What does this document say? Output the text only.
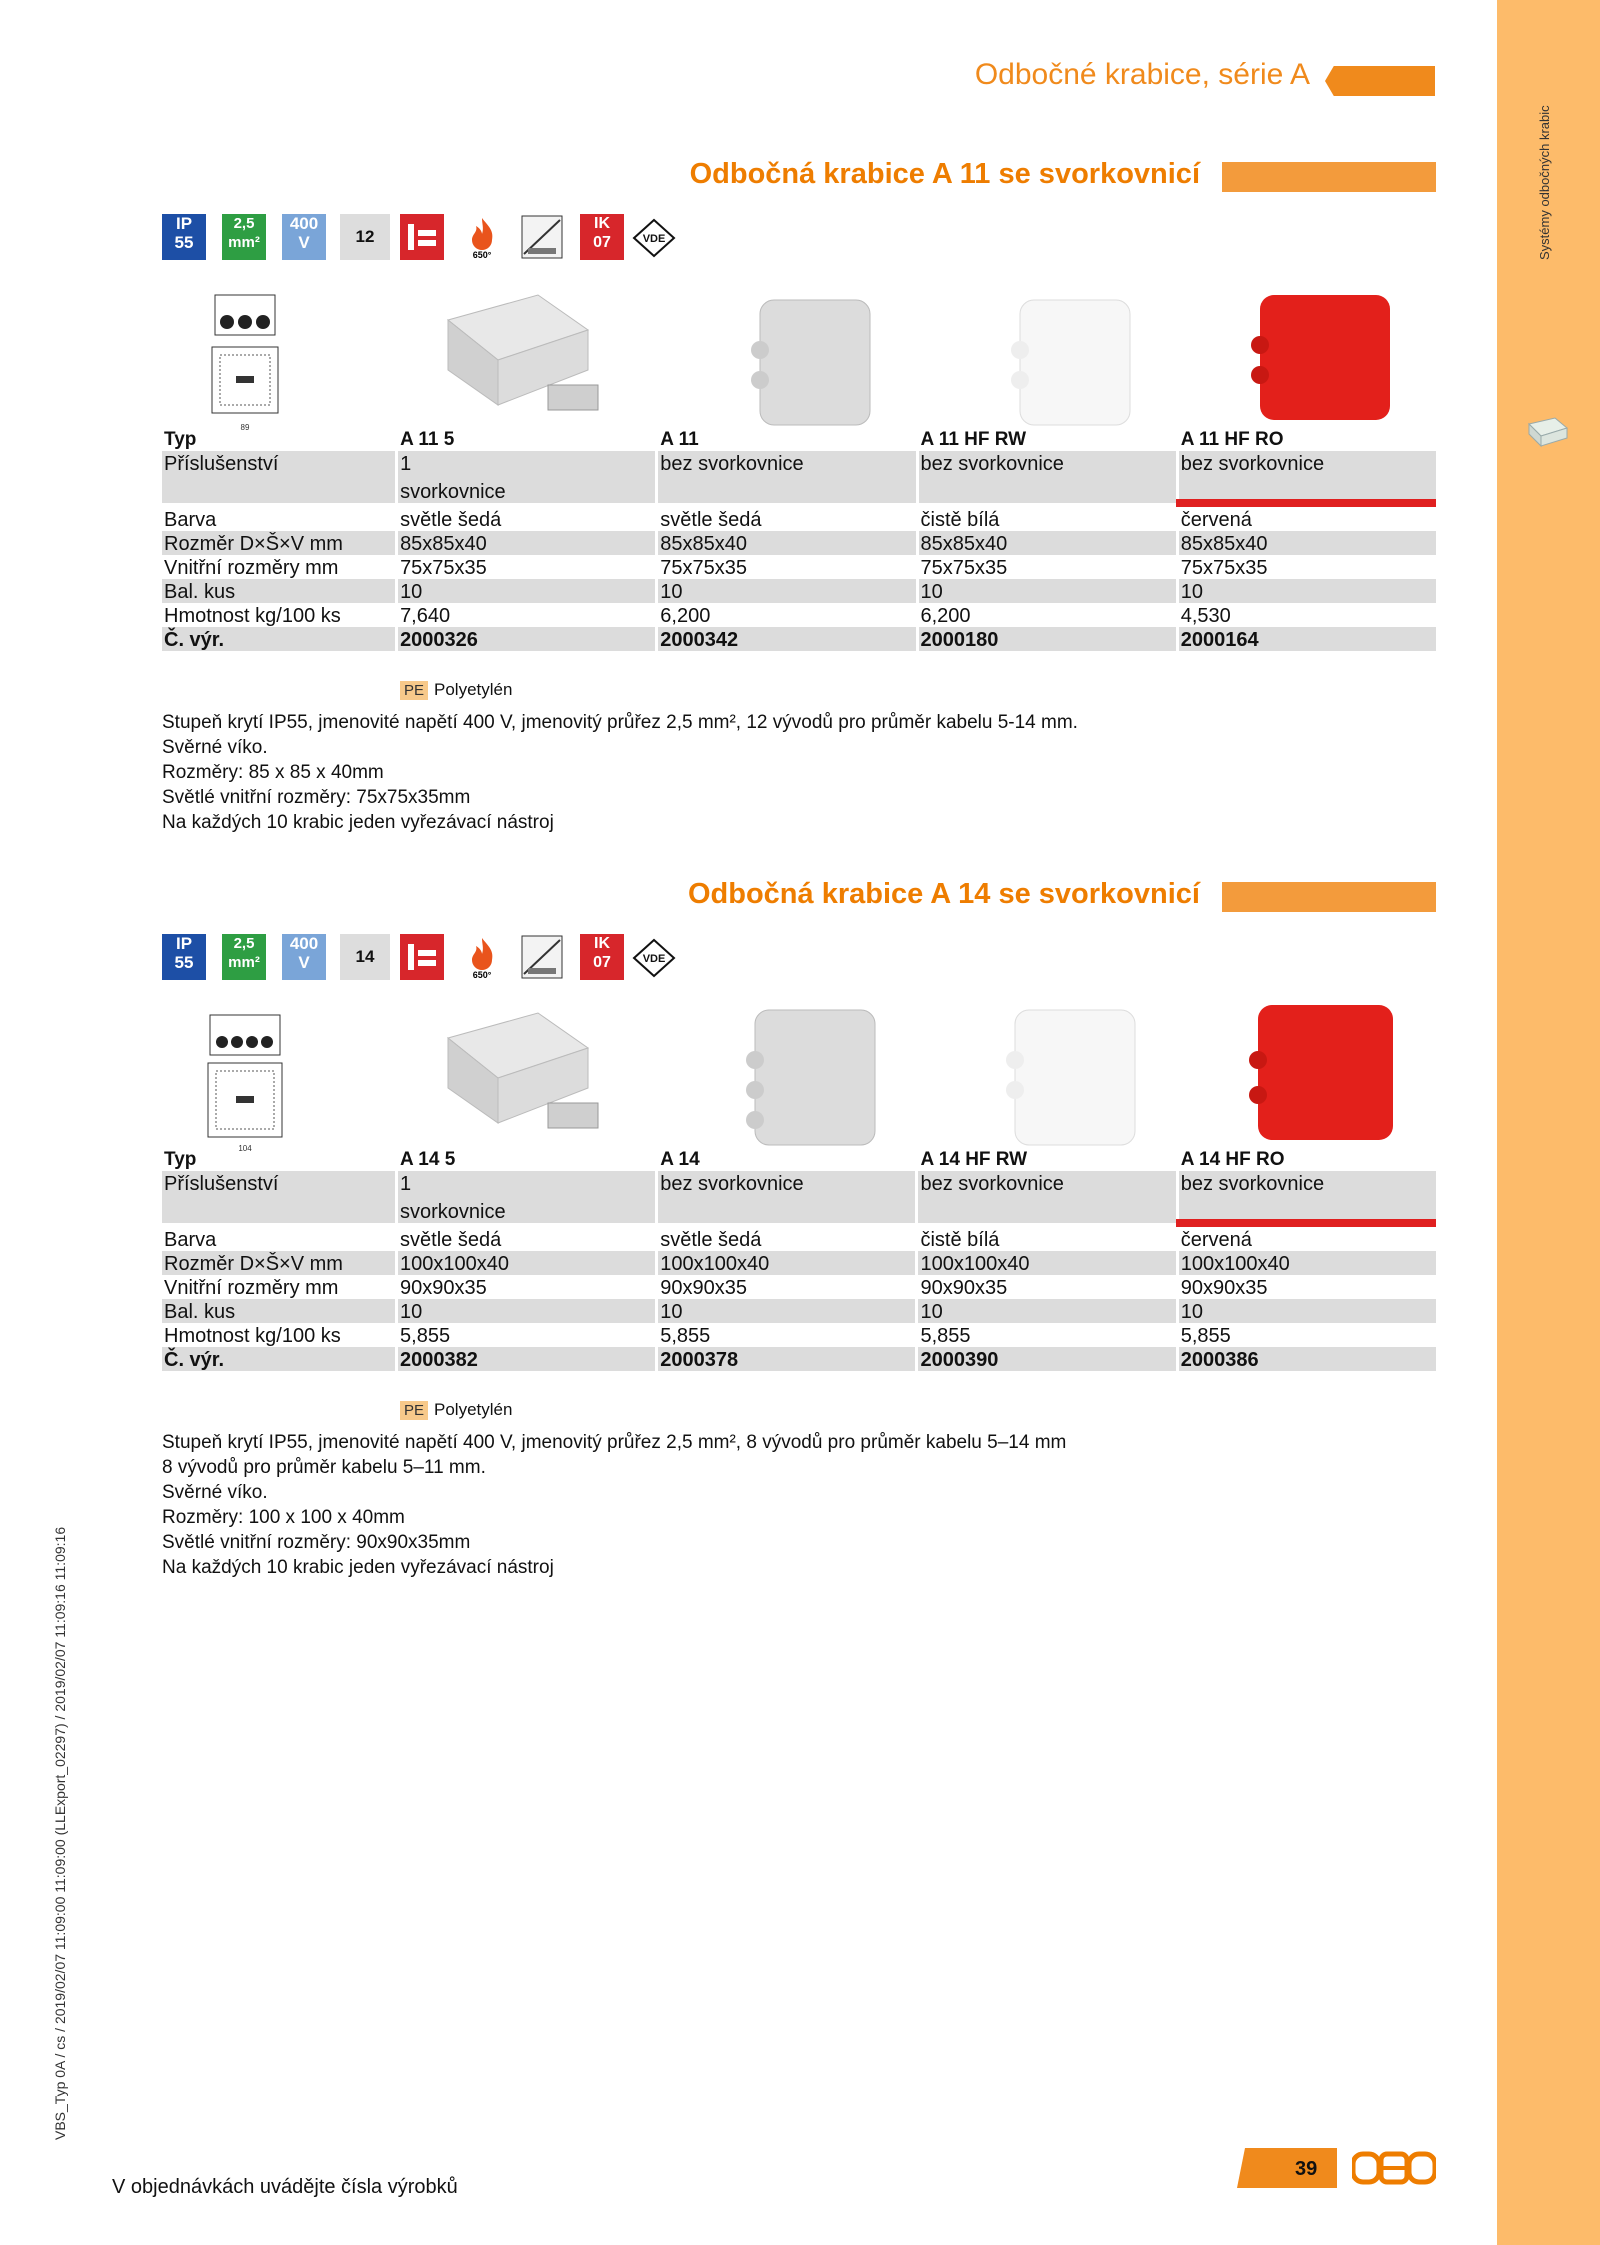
Odbočné krabice, série A
Odbočná krabice A 11 se svorkovnicí
IP
55
2,5
mm²
400
V	12
650°
IK
07	VDE
89
Typ	A 11 5	A 11	A 11 HF RW	A 11 HF RO
Příslušenství	1	bez svorkovnice	bez svorkovnice	bez svorkovnice
	svorkovnice			
Barva	světle šedá	světle šedá	čistě bílá	červená
Rozměr D×Š×V mm	85x85x40	85x85x40	85x85x40	85x85x40
Vnitřní rozměry mm	75x75x35	75x75x35	75x75x35	75x75x35
Bal. kus	10	10	10	10
Hmotnost kg/100 ks	7,640	6,200	6,200	4,530
Č. výr.	2000326	2000342	2000180	2000164
PE Polyetylén
Stupeň krytí IP55, jmenovité napětí 400 V, jmenovitý průřez 2,5 mm², 12 vývodů pro průměr kabelu 5-14 mm.
Svěrné víko.
Rozměry: 85 x 85 x 40mm
Světlé vnitřní rozměry: 75x75x35mm
Na každých 10 krabic jeden vyřezávací nástroj
Odbočná krabice A 14 se svorkovnicí
IP
55
2,5
mm²
400
V	14
650°
IK
07	VDE
104
Typ	A 14 5	A 14	A 14 HF RW	A 14 HF RO
Příslušenství	1	bez svorkovnice	bez svorkovnice	bez svorkovnice
	svorkovnice			
Barva	světle šedá	světle šedá	čistě bílá	červená
Rozměr D×Š×V mm	100x100x40	100x100x40	100x100x40	100x100x40
Vnitřní rozměry mm	90x90x35	90x90x35	90x90x35	90x90x35
Bal. kus	10	10	10	10
Hmotnost kg/100 ks	5,855	5,855	5,855	5,855
Č. výr.	2000382	2000378	2000390	2000386
PE Polyetylén
Stupeň krytí IP55, jmenovité napětí 400 V, jmenovitý průřez 2,5 mm², 8 vývodů pro průměr kabelu 5–14 mm
8 vývodů pro průměr kabelu 5–11 mm.
Svěrné víko.
Rozměry: 100 x 100 x 40mm
Světlé vnitřní rozměry: 90x90x35mm
Na každých 10 krabic jeden vyřezávací nástroj
VBS_Typ 0A / cs / 2019/02/07 11:09:00 11:09:00 (LLExport_02297) / 2019/02/07 11:09:16 11:09:16
V objednávkách uvádějte čísla výrobků
39
